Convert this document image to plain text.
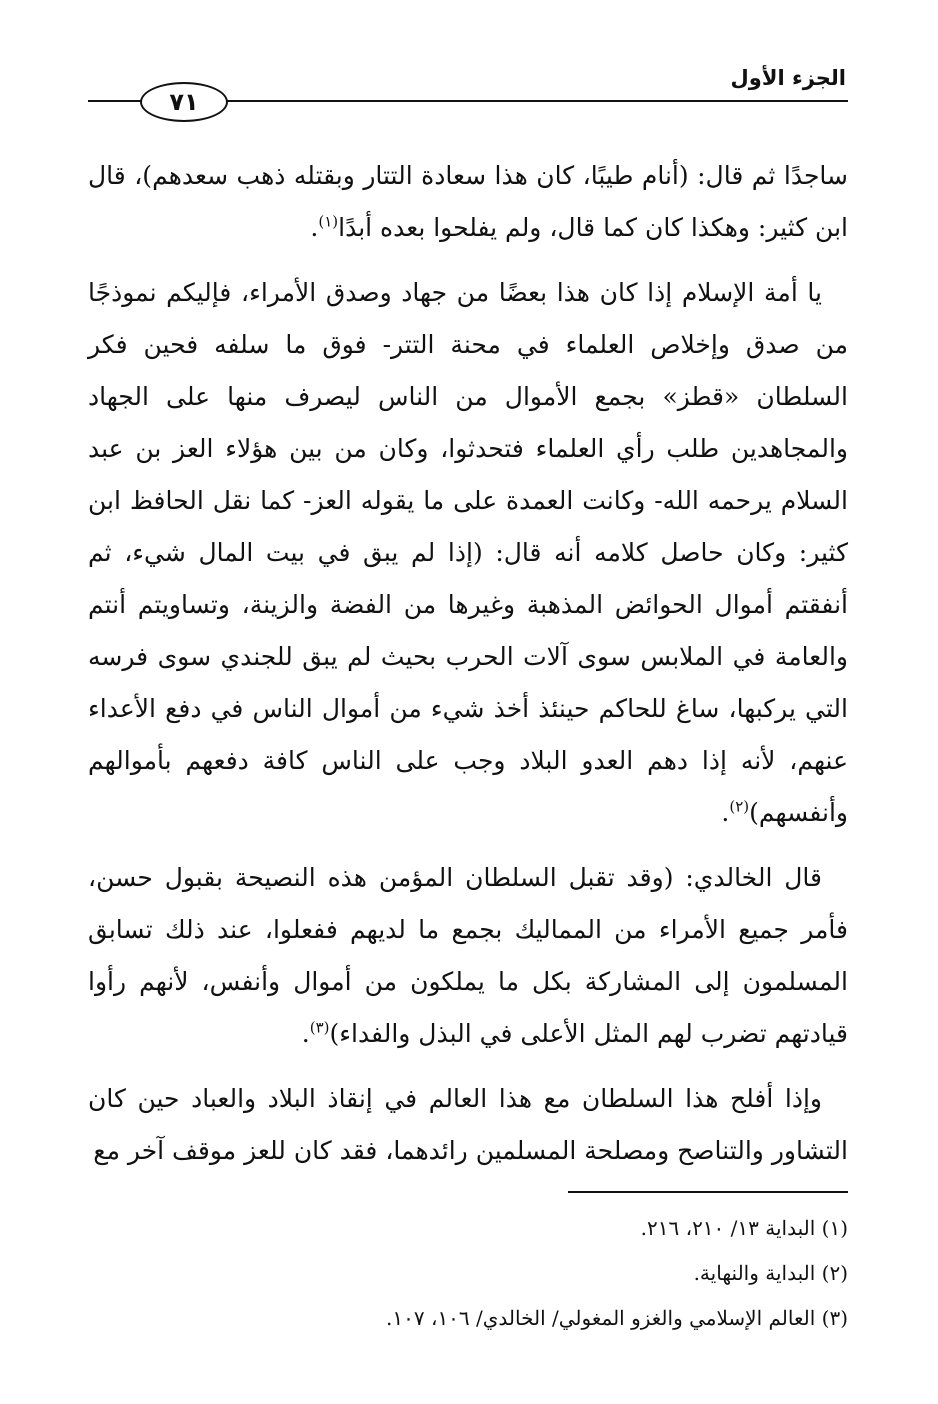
الجزء الأول
٧١

ساجدًا ثم قال: (أنام طيبًا، كان هذا سعادة التتار وبقتله ذهب سعدهم)، قال ابن كثير: وهكذا كان كما قال، ولم يفلحوا بعده أبدًا$^{(١)}$.

يا أمة الإسلام إذا كان هذا بعضًا من جهاد وصدق الأمراء، فإليكم نموذجًا من صدق وإخلاص العلماء في محنة التتر- فوق ما سلفه فحين فكر السلطان «قطز» بجمع الأموال من الناس ليصرف منها على الجهاد والمجاهدين طلب رأي العلماء فتحدثوا، وكان من بين هؤلاء العز بن عبد السلام يرحمه الله- وكانت العمدة على ما يقوله العز- كما نقل الحافظ ابن كثير: وكان حاصل كلامه أنه قال: (إذا لم يبق في بيت المال شيء، ثم أنفقتم أموال الحوائض المذهبة وغيرها من الفضة والزينة، وتساويتم أنتم والعامة في الملابس سوى آلات الحرب بحيث لم يبق للجندي سوى فرسه التي يركبها، ساغ للحاكم حينئذ أخذ شيء من أموال الناس في دفع الأعداء عنهم، لأنه إذا دهم العدو البلاد وجب على الناس كافة دفعهم بأموالهم وأنفسهم)$^{(٢)}$.

قال الخالدي: (وقد تقبل السلطان المؤمن هذه النصيحة بقبول حسن، فأمر جميع الأمراء من المماليك بجمع ما لديهم ففعلوا، عند ذلك تسابق المسلمون إلى المشاركة بكل ما يملكون من أموال وأنفس، لأنهم رأوا قيادتهم تضرب لهم المثل الأعلى في البذل والفداء)$^{(٣)}$.

وإذا أفلح هذا السلطان مع هذا العالم في إنقاذ البلاد والعباد حين كان التشاور والتناصح ومصلحة المسلمين رائدهما، فقد كان للعز موقف آخر مع

(١) البداية ١٣/ ٢١٠، ٢١٦.
(٢) البداية والنهاية.
(٣) العالم الإسلامي والغزو المغولي/ الخالدي/ ١٠٦، ١٠٧.
